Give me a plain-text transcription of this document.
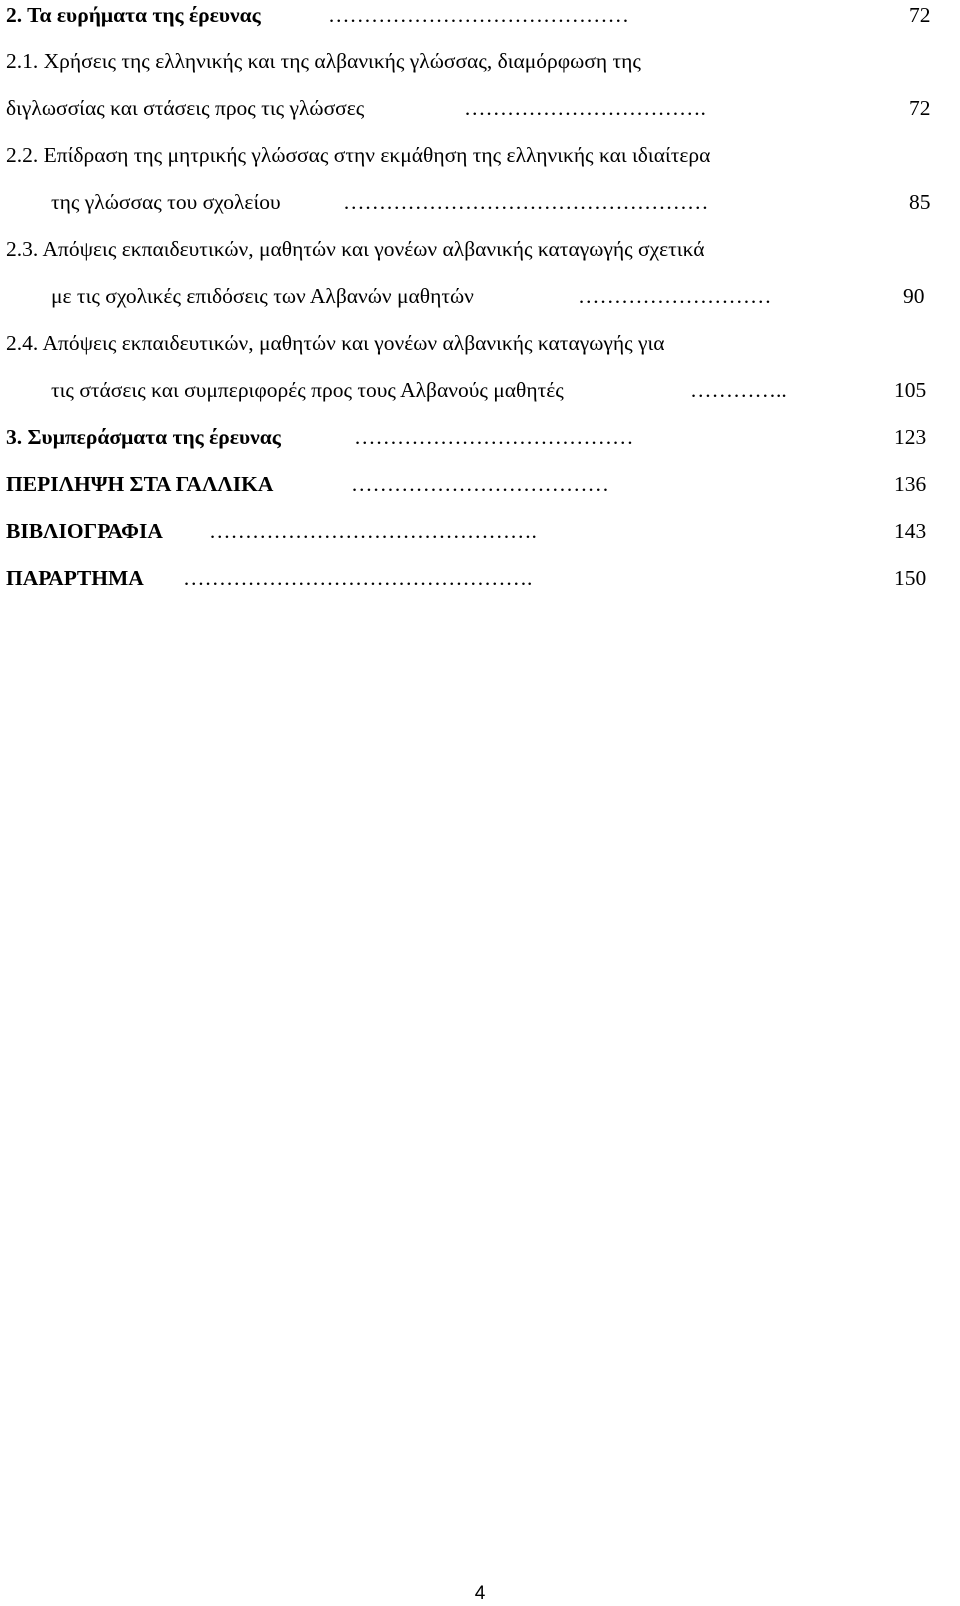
2. Τα ευρήματα της έρευνας	……………………………………	72
2.1. Χρήσεις της ελληνικής και της αλβανικής γλώσσας, διαμόρφωση της
διγλωσσίας και στάσεις προς τις γλώσσες	…………………………….	72
2.2. Επίδραση της μητρικής γλώσσας στην εκμάθηση της ελληνικής και ιδιαίτερα
της γλώσσας του σχολείου	……………………………………………	85
2.3. Απόψεις εκπαιδευτικών, μαθητών και γονέων αλβανικής καταγωγής σχετικά
με τις σχολικές επιδόσεις των Αλβανών μαθητών	………………………	90
2.4. Απόψεις εκπαιδευτικών, μαθητών και γονέων αλβανικής καταγωγής για
τις στάσεις και συμπεριφορές προς τους Αλβανούς μαθητές	…………..	105
3. Συμπεράσματα της έρευνας	…………………………………	123
ΠΕΡΙΛΗΨΗ ΣΤΑ ΓΑΛΛΙΚΑ	………………………………	136
ΒΙΒΛΙΟΓΡΑΦΙΑ ……………………………………….	143
ΠΑΡΑΡΤΗΜΑ ………………………………………….	150
4
